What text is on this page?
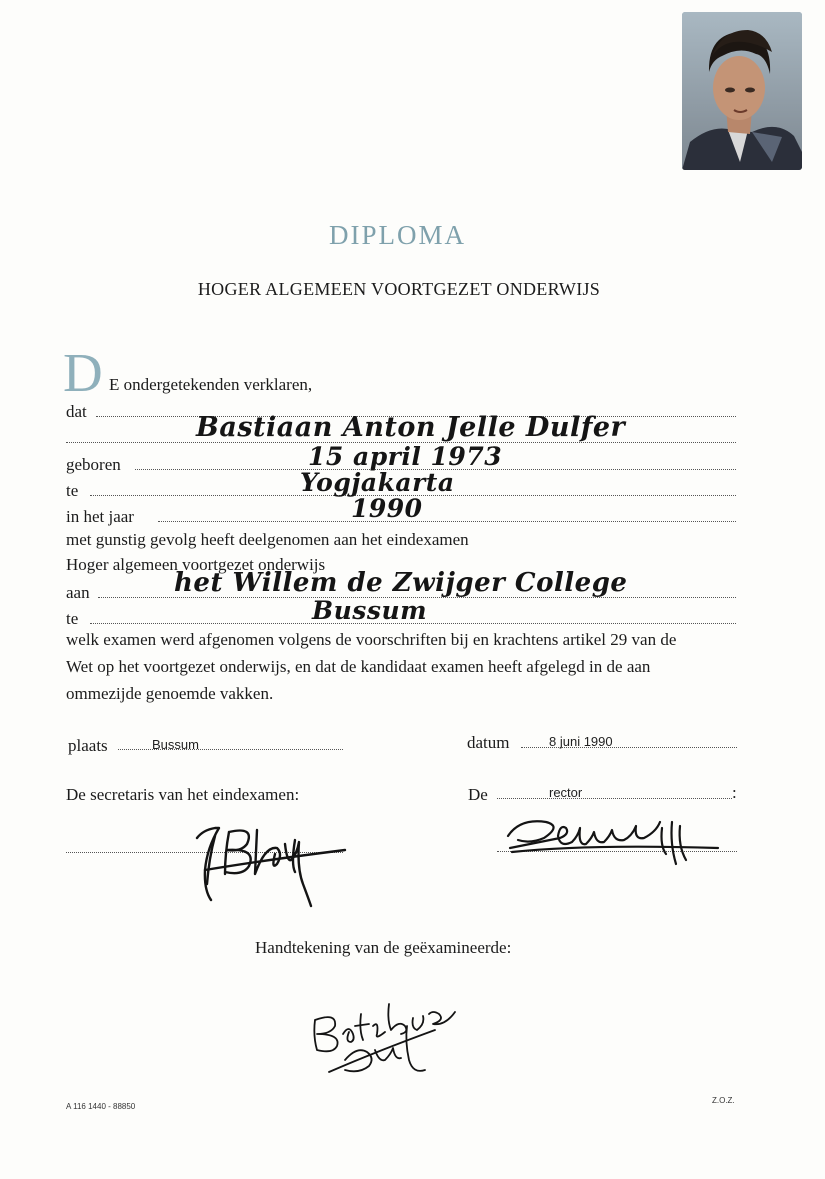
DIPLOMA
HOGER ALGEMEEN VOORTGEZET ONDERWIJS
D E ondergetekenden verklaren,
dat
Bastiaan Anton Jelle Dulfer
geboren	15 april 1973
te	Yogjakarta
in het jaar	1990
met gunstig gevolg heeft deelgenomen aan het eindexamen
Hoger algemeen voortgezet onderwijs
aan	het Willem de Zwijger College
te	Bussum
welk examen werd afgenomen volgens de voorschriften bij en krachtens artikel 29 van de
Wet op het voortgezet onderwijs, en dat de kandidaat examen heeft afgelegd in de aan
ommezijde genoemde vakken.
plaats	Bussum	datum	8 juni 1990
De secretaris van het eindexamen:	De	rector	:
Handtekening van de geëxamineerde:
A 116 1440 - 88850
Z.O.Z.
